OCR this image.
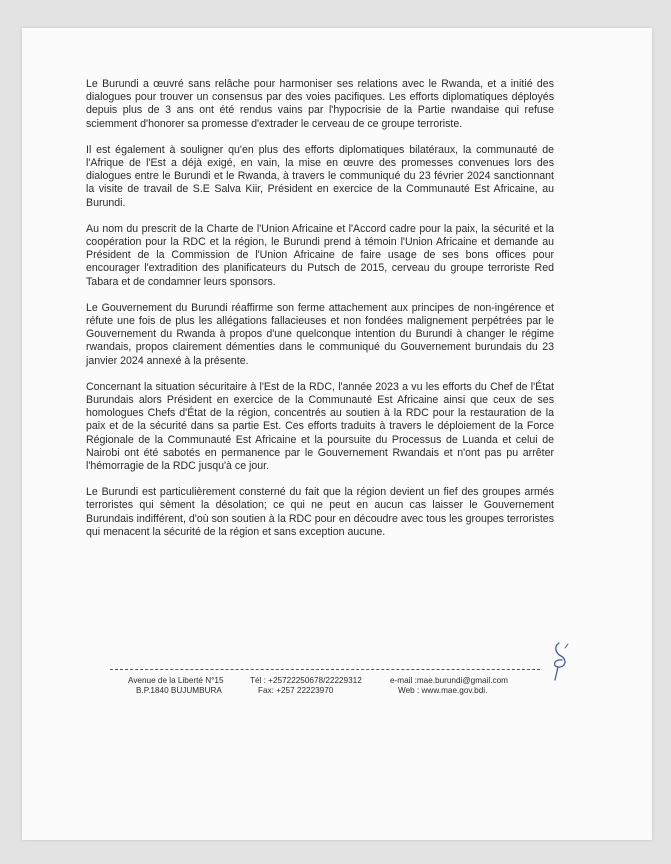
Le Burundi a œuvré sans relâche pour harmoniser ses relations avec le Rwanda, et a initié des dialogues pour trouver un consensus par des voies pacifiques. Les efforts diplomatiques déployés depuis plus de 3 ans ont été rendus vains par l'hypocrisie de la Partie rwandaise qui refuse sciemment d'honorer sa promesse d'extrader le cerveau de ce groupe terroriste.

Il est également à souligner qu'en plus des efforts diplomatiques bilatéraux, la communauté de l'Afrique de l'Est a déjà exigé, en vain, la mise en œuvre des promesses convenues lors des dialogues entre le Burundi et le Rwanda, à travers le communiqué du 23 février 2024 sanctionnant la visite de travail de S.E Salva Kiir, Président en exercice de la Communauté Est Africaine, au Burundi.

Au nom du prescrit de la Charte de l'Union Africaine et l'Accord cadre pour la paix, la sécurité et la coopération pour la RDC et la région, le Burundi prend à témoin l'Union Africaine et demande au Président de la Commission de l'Union Africaine de faire usage de ses bons offices pour encourager l'extradition des planificateurs du Putsch de 2015, cerveau du groupe terroriste Red Tabara et de condamner leurs sponsors.

Le Gouvernement du Burundi réaffirme son ferme attachement aux principes de non-ingérence et réfute une fois de plus les allégations fallacieuses et non fondées malignement perpétrées par le Gouvernement du Rwanda à propos d'une quelconque intention du Burundi à changer le régime rwandais, propos clairement démenties dans le communiqué du Gouvernement burundais du 23 janvier 2024 annexé à la présente.

Concernant la situation sécuritaire à l'Est de la RDC, l'année 2023 a vu les efforts du Chef de l'État Burundais alors Président en exercice de la Communauté Est Africaine ainsi que ceux de ses homologues Chefs d'État de la région, concentrés au soutien à la RDC pour la restauration de la paix et de la sécurité dans sa partie Est. Ces efforts traduits à travers le déploiement de la Force Régionale de la Communauté Est Africaine et la poursuite du Processus de Luanda et celui de Nairobi ont été sabotés en permanence par le Gouvernement Rwandais et n'ont pas pu arrêter l'hémorragie de la RDC jusqu'à ce jour.

Le Burundi est particulièrement consterné du fait que la région devient un fief des groupes armés terroristes qui sèment la désolation; ce qui ne peut en aucun cas laisser le Gouvernement Burundais indifférent, d'où son soutien à la RDC pour en découdre avec tous les groupes terroristes qui menacent la sécurité de la région et sans exception aucune.

Avenue de la Liberté N°15
B.P.1840 BUJUMBURA
Tél : +25722250678/22229312
Fax: +257 22223970
e-mail :mae.burundi@gmail.com
Web : www.mae.gov.bdi.
